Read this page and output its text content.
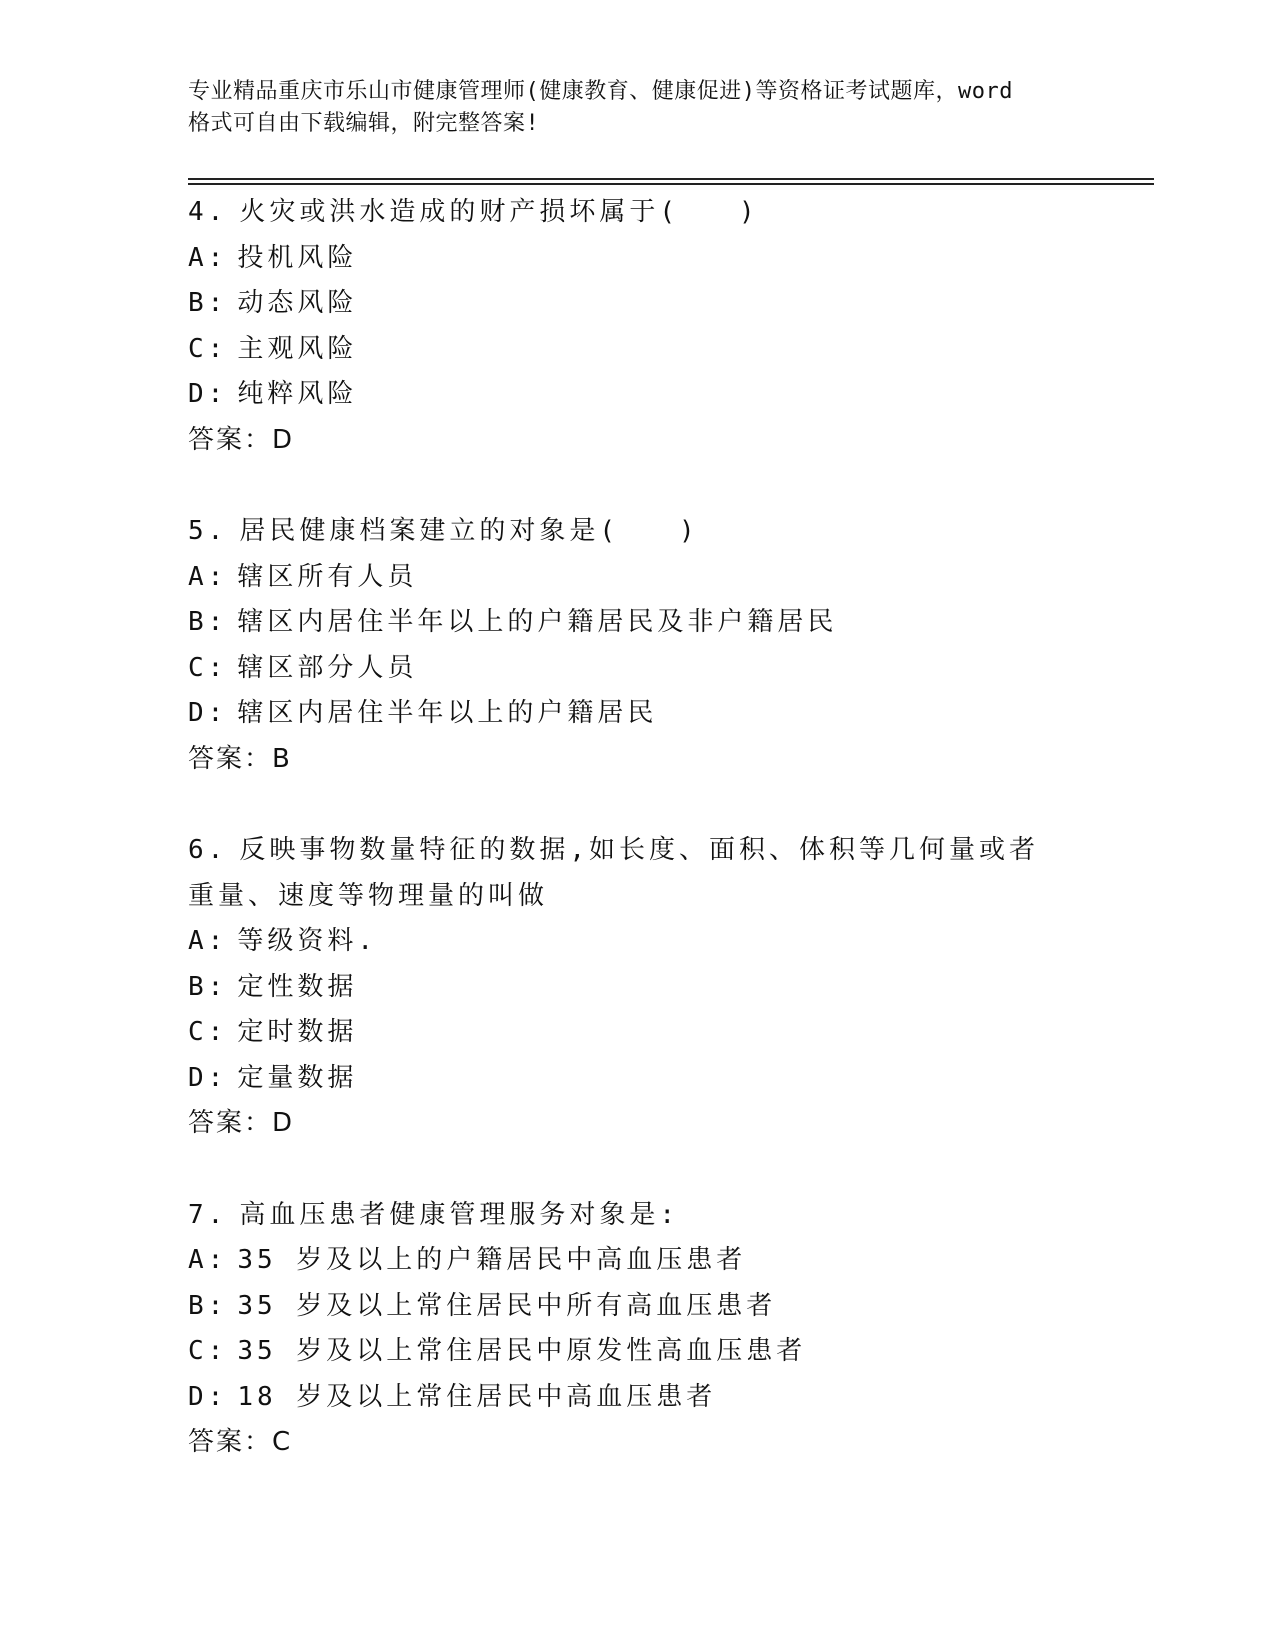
专业精品重庆市乐山市健康管理师(健康教育、健康促进)等资格证考试题库，word
格式可自由下载编辑，附完整答案!
4. 火灾或洪水造成的财产损坏属于(　　)
A: 投机风险
B: 动态风险
C: 主观风险
D: 纯粹风险
答案：D
5. 居民健康档案建立的对象是(　　)
A: 辖区所有人员
B: 辖区内居住半年以上的户籍居民及非户籍居民
C: 辖区部分人员
D: 辖区内居住半年以上的户籍居民
答案：B
6. 反映事物数量特征的数据,如长度、面积、体积等几何量或者重量、速度等物理量的叫做
A: 等级资料.
B: 定性数据
C: 定时数据
D: 定量数据
答案：D
7. 高血压患者健康管理服务对象是:
A: 35 岁及以上的户籍居民中高血压患者
B: 35 岁及以上常住居民中所有高血压患者
C: 35 岁及以上常住居民中原发性高血压患者
D: 18 岁及以上常住居民中高血压患者
答案：C
